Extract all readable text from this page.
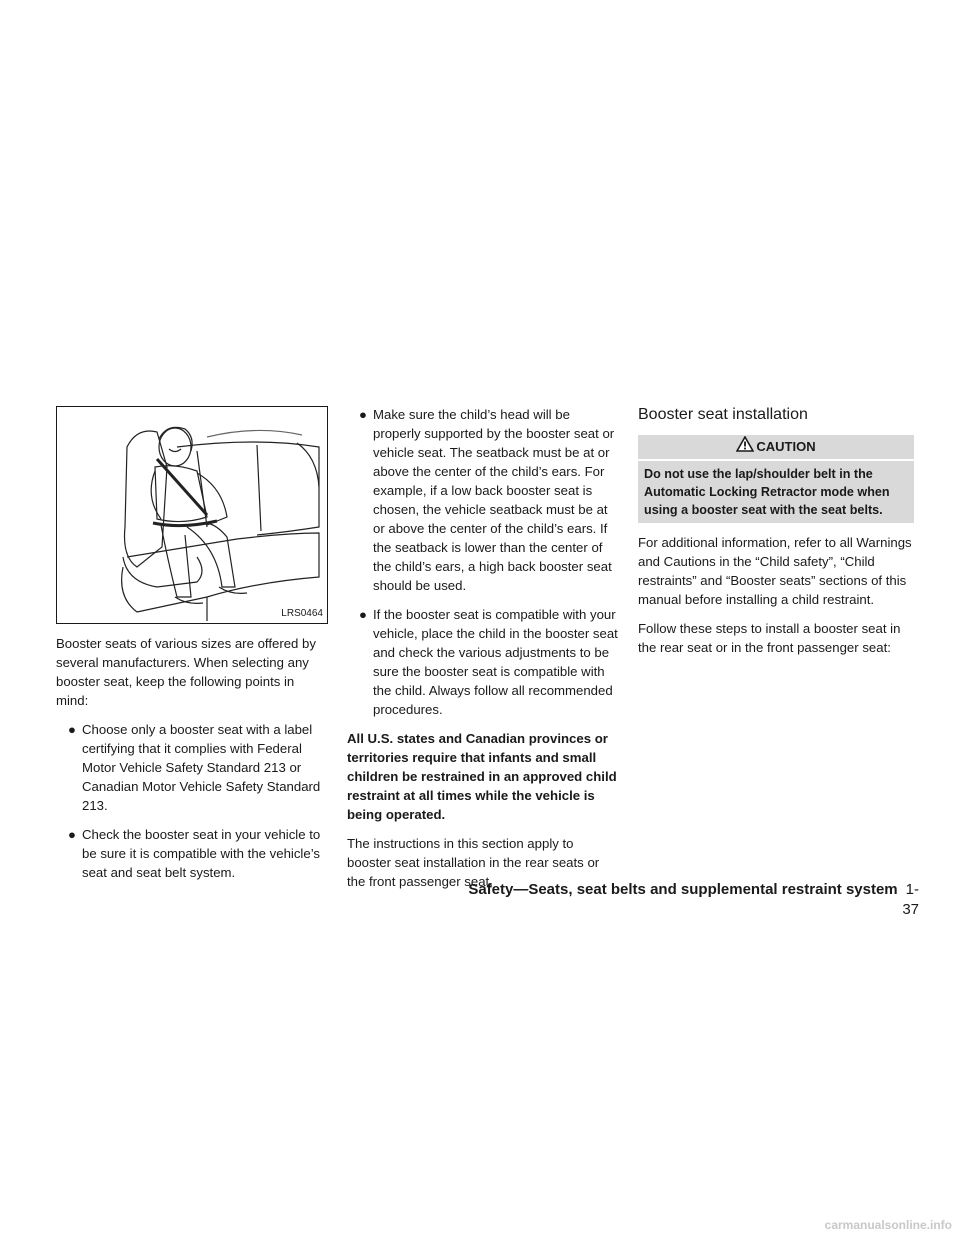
LRS0464

Booster seats of various sizes are offered by several manufacturers. When selecting any booster seat, keep the following points in mind:

● Choose only a booster seat with a label certifying that it complies with Federal Motor Vehicle Safety Standard 213 or Canadian Motor Vehicle Safety Standard 213.
● Check the booster seat in your vehicle to be sure it is compatible with the vehicle’s seat and seat belt system.
● Make sure the child’s head will be properly supported by the booster seat or vehicle seat. The seatback must be at or above the center of the child’s ears. For example, if a low back booster seat is chosen, the vehicle seatback must be at or above the center of the child’s ears. If the seatback is lower than the center of the child’s ears, a high back booster seat should be used.
● If the booster seat is compatible with your vehicle, place the child in the booster seat and check the various adjustments to be sure the booster seat is compatible with the child. Always follow all recommended procedures.

All U.S. states and Canadian provinces or territories require that infants and small children be restrained in an approved child restraint at all times while the vehicle is being operated.

The instructions in this section apply to booster seat installation in the rear seats or the front passenger seat.

Booster seat installation
CAUTION
Do not use the lap/shoulder belt in the Automatic Locking Retractor mode when using a booster seat with the seat belts.

For additional information, refer to all Warnings and Cautions in the “Child safety”, “Child restraints” and “Booster seats” sections of this manual before installing a child restraint.

Follow these steps to install a booster seat in the rear seat or in the front passenger seat:

Safety—Seats, seat belts and supplemental restraint system 1-37
carmanualsonline.info
